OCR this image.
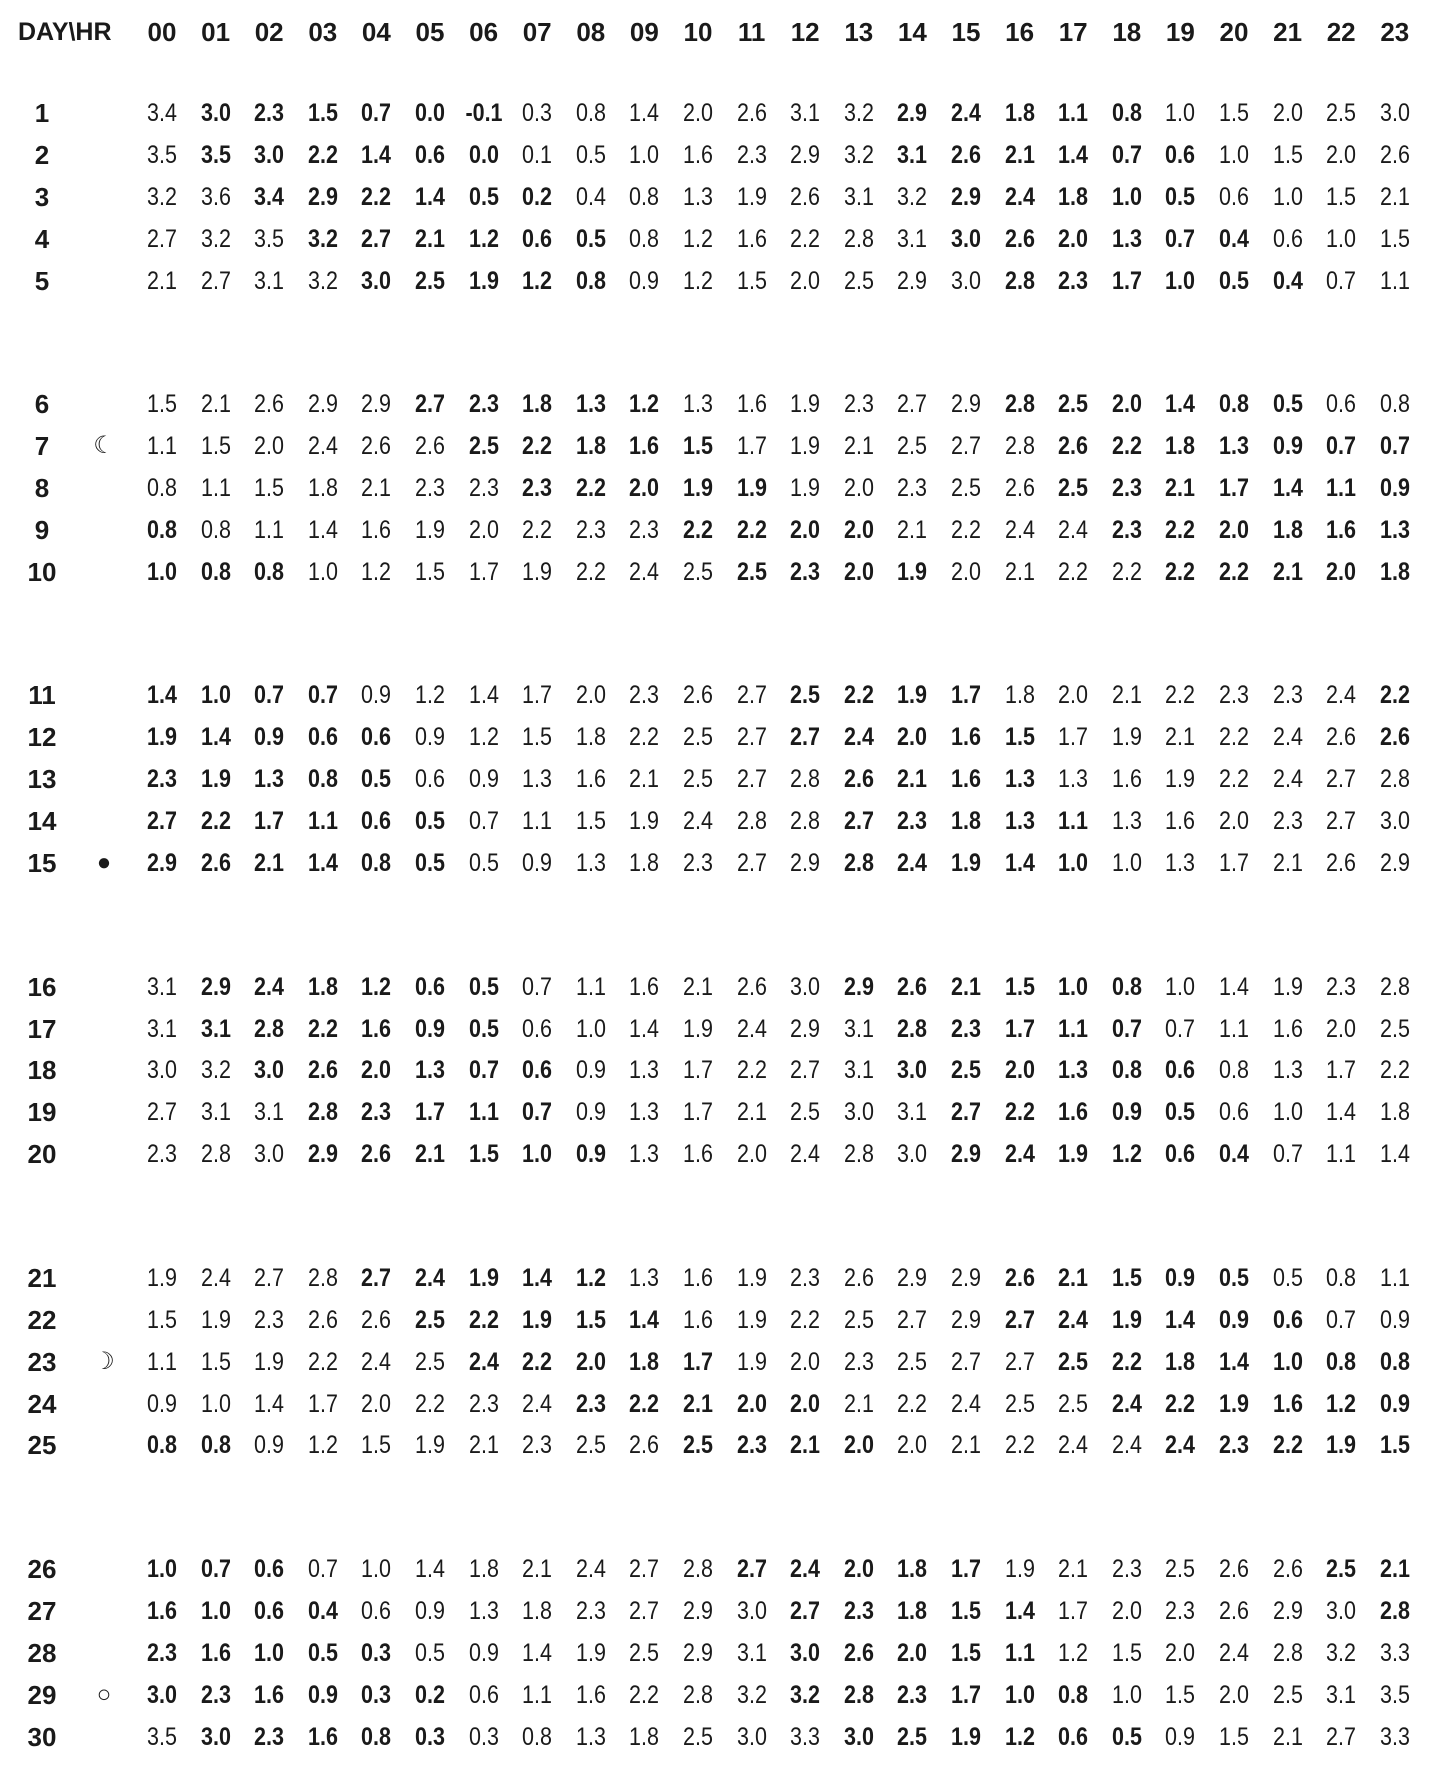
DAY\HR	00 01 02 03 04 05 06 07 08 09 10 11 12 13 14 15 16 17 18 19 20 21 22 23
1	3.4 3.0 2.3 1.5 0.7 0.0 -0.1 0.3 0.8 1.4 2.0 2.6 3.1 3.2 2.9 2.4 1.8 1.1 0.8 1.0 1.5 2.0 2.5 3.0
2	3.5 3.5 3.0 2.2 1.4 0.6 0.0 0.1 0.5 1.0 1.6 2.3 2.9 3.2 3.1 2.6 2.1 1.4 0.7 0.6 1.0 1.5 2.0 2.6
3	3.2 3.6 3.4 2.9 2.2 1.4 0.5 0.2 0.4 0.8 1.3 1.9 2.6 3.1 3.2 2.9 2.4 1.8 1.0 0.5 0.6 1.0 1.5 2.1
4	2.7 3.2 3.5 3.2 2.7 2.1 1.2 0.6 0.5 0.8 1.2 1.6 2.2 2.8 3.1 3.0 2.6 2.0 1.3 0.7 0.4 0.6 1.0 1.5
5	2.1 2.7 3.1 3.2 3.0 2.5 1.9 1.2 0.8 0.9 1.2 1.5 2.0 2.5 2.9 3.0 2.8 2.3 1.7 1.0 0.5 0.4 0.7 1.1
6	1.5 2.1 2.6 2.9 2.9 2.7 2.3 1.8 1.3 1.2 1.3 1.6 1.9 2.3 2.7 2.9 2.8 2.5 2.0 1.4 0.8 0.5 0.6 0.8
7	☾	1.1 1.5 2.0 2.4 2.6 2.6 2.5 2.2 1.8 1.6 1.5 1.7 1.9 2.1 2.5 2.7 2.8 2.6 2.2 1.8 1.3 0.9 0.7 0.7
8	0.8 1.1 1.5 1.8 2.1 2.3 2.3 2.3 2.2 2.0 1.9 1.9 1.9 2.0 2.3 2.5 2.6 2.5 2.3 2.1 1.7 1.4 1.1 0.9
9	0.8 0.8 1.1 1.4 1.6 1.9 2.0 2.2 2.3 2.3 2.2 2.2 2.0 2.0 2.1 2.2 2.4 2.4 2.3 2.2 2.0 1.8 1.6 1.3
10	1.0 0.8 0.8 1.0 1.2 1.5 1.7 1.9 2.2 2.4 2.5 2.5 2.3 2.0 1.9 2.0 2.1 2.2 2.2 2.2 2.2 2.1 2.0 1.8
11	1.4 1.0 0.7 0.7 0.9 1.2 1.4 1.7 2.0 2.3 2.6 2.7 2.5 2.2 1.9 1.7 1.8 2.0 2.1 2.2 2.3 2.3 2.4 2.2
12	1.9 1.4 0.9 0.6 0.6 0.9 1.2 1.5 1.8 2.2 2.5 2.7 2.7 2.4 2.0 1.6 1.5 1.7 1.9 2.1 2.2 2.4 2.6 2.6
13	2.3 1.9 1.3 0.8 0.5 0.6 0.9 1.3 1.6 2.1 2.5 2.7 2.8 2.6 2.1 1.6 1.3 1.3 1.6 1.9 2.2 2.4 2.7 2.8
14	2.7 2.2 1.7 1.1 0.6 0.5 0.7 1.1 1.5 1.9 2.4 2.8 2.8 2.7 2.3 1.8 1.3 1.1 1.3 1.6 2.0 2.3 2.7 3.0
15	●	2.9 2.6 2.1 1.4 0.8 0.5 0.5 0.9 1.3 1.8 2.3 2.7 2.9 2.8 2.4 1.9 1.4 1.0 1.0 1.3 1.7 2.1 2.6 2.9
16	3.1 2.9 2.4 1.8 1.2 0.6 0.5 0.7 1.1 1.6 2.1 2.6 3.0 2.9 2.6 2.1 1.5 1.0 0.8 1.0 1.4 1.9 2.3 2.8
17	3.1 3.1 2.8 2.2 1.6 0.9 0.5 0.6 1.0 1.4 1.9 2.4 2.9 3.1 2.8 2.3 1.7 1.1 0.7 0.7 1.1 1.6 2.0 2.5
18	3.0 3.2 3.0 2.6 2.0 1.3 0.7 0.6 0.9 1.3 1.7 2.2 2.7 3.1 3.0 2.5 2.0 1.3 0.8 0.6 0.8 1.3 1.7 2.2
19	2.7 3.1 3.1 2.8 2.3 1.7 1.1 0.7 0.9 1.3 1.7 2.1 2.5 3.0 3.1 2.7 2.2 1.6 0.9 0.5 0.6 1.0 1.4 1.8
20	2.3 2.8 3.0 2.9 2.6 2.1 1.5 1.0 0.9 1.3 1.6 2.0 2.4 2.8 3.0 2.9 2.4 1.9 1.2 0.6 0.4 0.7 1.1 1.4
21	1.9 2.4 2.7 2.8 2.7 2.4 1.9 1.4 1.2 1.3 1.6 1.9 2.3 2.6 2.9 2.9 2.6 2.1 1.5 0.9 0.5 0.5 0.8 1.1
22	1.5 1.9 2.3 2.6 2.6 2.5 2.2 1.9 1.5 1.4 1.6 1.9 2.2 2.5 2.7 2.9 2.7 2.4 1.9 1.4 0.9 0.6 0.7 0.9
23	☽	1.1 1.5 1.9 2.2 2.4 2.5 2.4 2.2 2.0 1.8 1.7 1.9 2.0 2.3 2.5 2.7 2.7 2.5 2.2 1.8 1.4 1.0 0.8 0.8
24	0.9 1.0 1.4 1.7 2.0 2.2 2.3 2.4 2.3 2.2 2.1 2.0 2.0 2.1 2.2 2.4 2.5 2.5 2.4 2.2 1.9 1.6 1.2 0.9
25	0.8 0.8 0.9 1.2 1.5 1.9 2.1 2.3 2.5 2.6 2.5 2.3 2.1 2.0 2.0 2.1 2.2 2.4 2.4 2.4 2.3 2.2 1.9 1.5
26	1.0 0.7 0.6 0.7 1.0 1.4 1.8 2.1 2.4 2.7 2.8 2.7 2.4 2.0 1.8 1.7 1.9 2.1 2.3 2.5 2.6 2.6 2.5 2.1
27	1.6 1.0 0.6 0.4 0.6 0.9 1.3 1.8 2.3 2.7 2.9 3.0 2.7 2.3 1.8 1.5 1.4 1.7 2.0 2.3 2.6 2.9 3.0 2.8
28	2.3 1.6 1.0 0.5 0.3 0.5 0.9 1.4 1.9 2.5 2.9 3.1 3.0 2.6 2.0 1.5 1.1 1.2 1.5 2.0 2.4 2.8 3.2 3.3
29	○	3.0 2.3 1.6 0.9 0.3 0.2 0.6 1.1 1.6 2.2 2.8 3.2 3.2 2.8 2.3 1.7 1.0 0.8 1.0 1.5 2.0 2.5 3.1 3.5
30	3.5 3.0 2.3 1.6 0.8 0.3 0.3 0.8 1.3 1.8 2.5 3.0 3.3 3.0 2.5 1.9 1.2 0.6 0.5 0.9 1.5 2.1 2.7 3.3
